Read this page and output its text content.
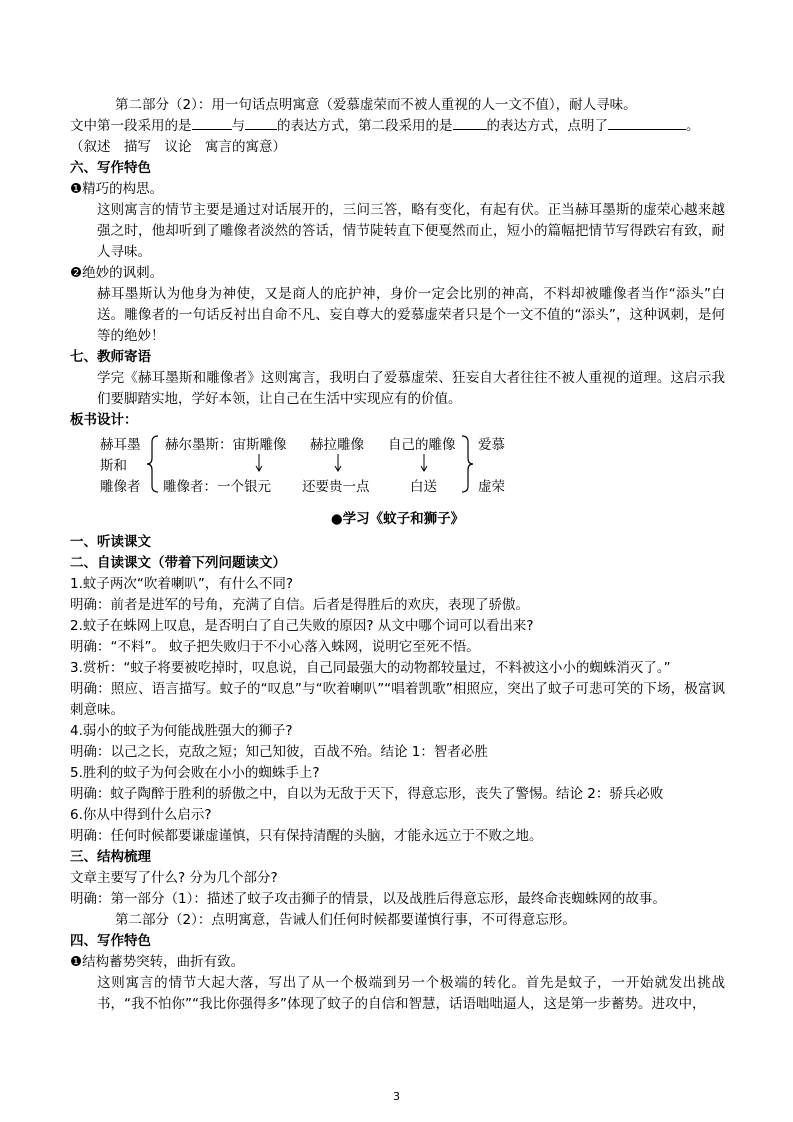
第二部分（2）：用一句话点明寓意（爱慕虚荣而不被人重视的人一文不值），耐人寻味。
文中第一段采用的是	与 的表达方式，第二段采用的是	的表达方式，点明了	。
（叙述　描写　议论　寓言的寓意）
六、写作特色
❶精巧的构思。
这则寓言的情节主要是通过对话展开的，三问三答，略有变化，有起有伏。正当赫耳墨斯的虚荣心越来越强之时，他却听到了雕像者淡然的答话，情节陡转直下便戛然而止，短小的篇幅把情节写得跌宕有致，耐人寻味。
❷绝妙的讽刺。
赫耳墨斯认为他身为神使，又是商人的庇护神，身价一定会比别的神高，不料却被雕像者当作“添头”白送。雕像者的一句话反衬出自命不凡、妄自尊大的爱慕虚荣者只是个一文不值的“添头”，这种讽刺，是何等的绝妙！
七、教师寄语
学完《赫耳墨斯和雕像者》这则寓言，我明白了爱慕虚荣、狂妄自大者往往不被人重视的道理。这启示我们要脚踏实地，学好本领，让自己在生活中实现应有的价值。
板书设计：
赫耳墨
斯和
雕像者
赫尔墨斯：宙斯雕像 赫拉雕像 自己的雕像
雕像者：一个银元 还要贵一点	白送
爱慕
虚荣
●学习《蚊子和狮子》
一、听读课文
二、自读课文（带着下列问题读文）
1.蚊子两次“吹着喇叭”，有什么不同?
明确：前者是进军的号角，充满了自信。后者是得胜后的欢庆，表现了骄傲。
2.蚊子在蛛网上叹息，是否明白了自己失败的原因? 从文中哪个词可以看出来?
明确：“不料”。 蚊子把失败归于不小心落入蛛网，说明它至死不悟。
3.赏析：“蚊子将要被吃掉时，叹息说，自己同最强大的动物都较量过，不料被这小小的蜘蛛消灭了。”
明确：照应、语言描写。蚊子的“叹息”与“吹着喇叭”“唱着凯歌”相照应，突出了蚊子可悲可笑的下场，极富讽刺意味。
4.弱小的蚊子为何能战胜强大的狮子?
明确：以己之长，克敌之短；知己知彼，百战不殆。结论 1：智者必胜
5.胜利的蚊子为何会败在小小的蜘蛛手上?
明确：蚊子陶醉于胜利的骄傲之中，自以为无敌于天下，得意忘形，丧失了警惕。结论 2：骄兵必败
6.你从中得到什么启示?
明确：任何时候都要谦虚谨慎，只有保持清醒的头脑，才能永远立于不败之地。
三、结构梳理
文章主要写了什么? 分为几个部分?
明确：第一部分（1）：描述了蚊子攻击狮子的情景，以及战胜后得意忘形，最终命丧蜘蛛网的故事。
第二部分（2）：点明寓意，告诫人们任何时候都要谨慎行事，不可得意忘形。
四、写作特色
❶结构蓄势突转，曲折有致。
这则寓言的情节大起大落，写出了从一个极端到另一个极端的转化。首先是蚊子，一开始就发出挑战书，“我不怕你”“我比你强得多”体现了蚊子的自信和智慧，话语咄咄逼人，这是第一步蓄势。进攻中，
3
